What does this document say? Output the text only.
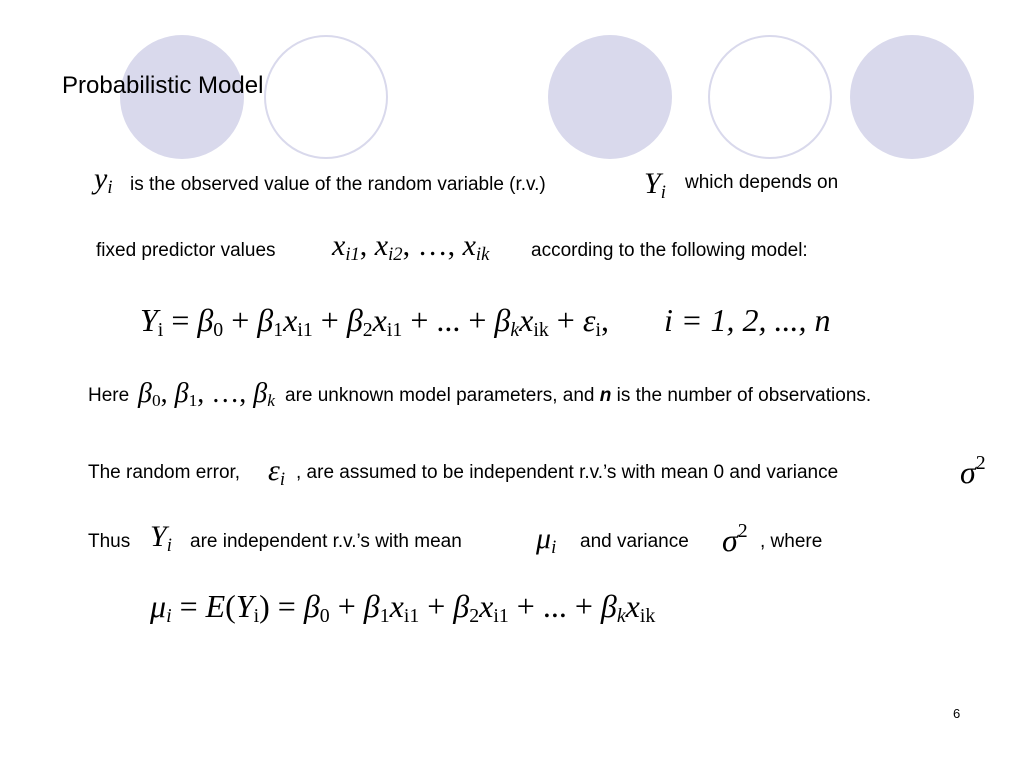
Probabilistic Model
$y_i$ is the observed value of the random variable (r.v.)	$Y_i$ which depends on
fixed predictor values $x_{i1}$, $x_{i2}$, …, $x_{ik}$ according to the following model:
$Y_i = \beta_0 + \beta_1x_{i1} + \beta_2x_{i1}$ + ... + $\beta_kx_{ik} + \varepsilon_i$, i = 1, 2, ..., n
Here $\beta_0$, $\beta_1$, …, $\beta_k$ are unknown model parameters, and n is the number of observations.
The random error, $\varepsilon_i$ , are assumed to be independent r.v.’s with mean 0 and variance	$\sigma^2$
Thus $Y_i$ are independent r.v.’s with mean $\mu_i$ and variance $\sigma^2$ , where
$\mu_i = E(Y_i) = \beta_0 + \beta_1x_{i1} + \beta_2x_{i1}$ + ... + $\beta_kx_{ik}$
6
